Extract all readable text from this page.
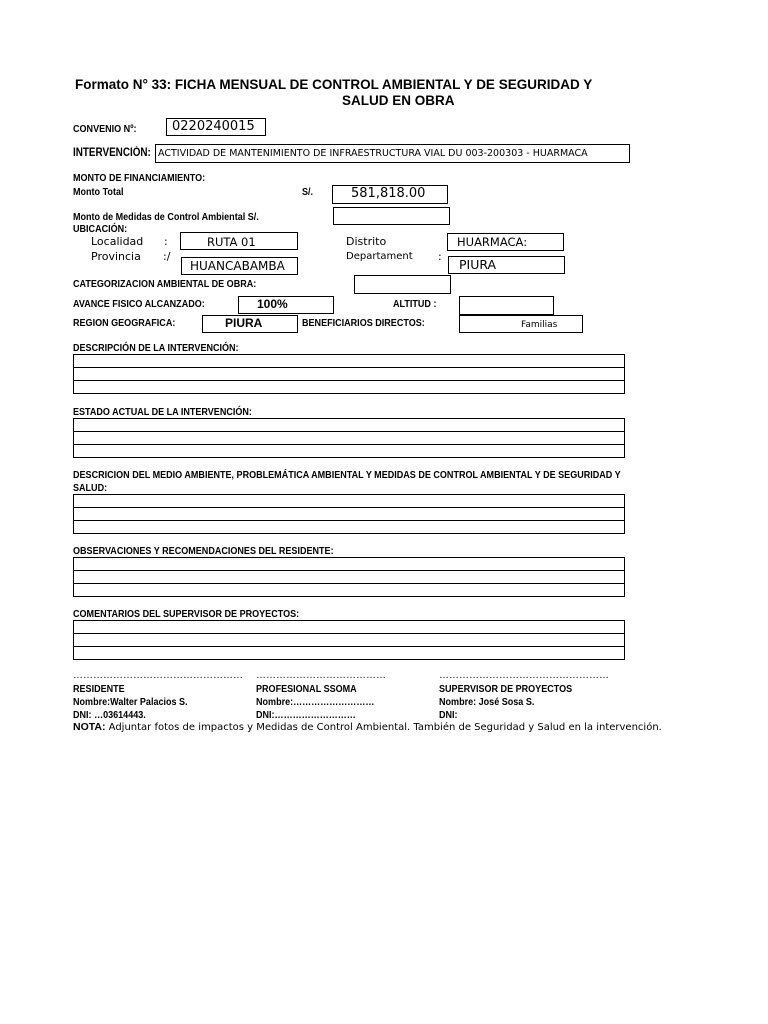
Formato N° 33: FICHA MENSUAL DE CONTROL AMBIENTAL Y DE SEGURIDAD Y
SALUD EN OBRA
CONVENIO Nº:	0220240015
INTERVENCIÓN: ACTIVIDAD DE MANTENIMIENTO DE INFRAESTRUCTURA VIAL DU 003-200303 - HUARMACA
MONTO DE FINANCIAMIENTO:
Monto Total	S/.	581,818.00
Monto de Medidas de Control Ambiental S/.
UBICACIÓN:
Localidad :	RUTA 01
Provincia :/
HUANCABAMBA
Distrito	HUARMACA:
Departament :
PIURA
CATEGORIZACION AMBIENTAL DE OBRA:
AVANCE FISICO ALCANZADO:	100%	ALTITUD :
REGION GEOGRAFICA:	PIURA	BENEFICIARIOS DIRECTOS:	Familias
DESCRIPCIÓN DE LA INTERVENCIÓN:
ESTADO ACTUAL DE LA INTERVENCIÓN:
DESCRICION DEL MEDIO AMBIENTE, PROBLEMÁTICA AMBIENTAL Y MEDIDAS DE CONTROL AMBIENTAL Y DE SEGURIDAD Y
SALUD:
OBSERVACIONES Y RECOMENDACIONES DEL RESIDENTE:
COMENTARIOS DEL SUPERVISOR DE PROYECTOS:
……………………………………………
RESIDENTE
Nombre:Walter Palacios S.
DNI: …03614443.
…………………………………
PROFESIONAL SSOMA
Nombre:………………………
DNI:………………………
……………………………………………
SUPERVISOR DE PROYECTOS
Nombre: José Sosa S.
DNI:
NOTA: Adjuntar fotos de impactos y Medidas de Control Ambiental. También de Seguridad y Salud en la intervención.
